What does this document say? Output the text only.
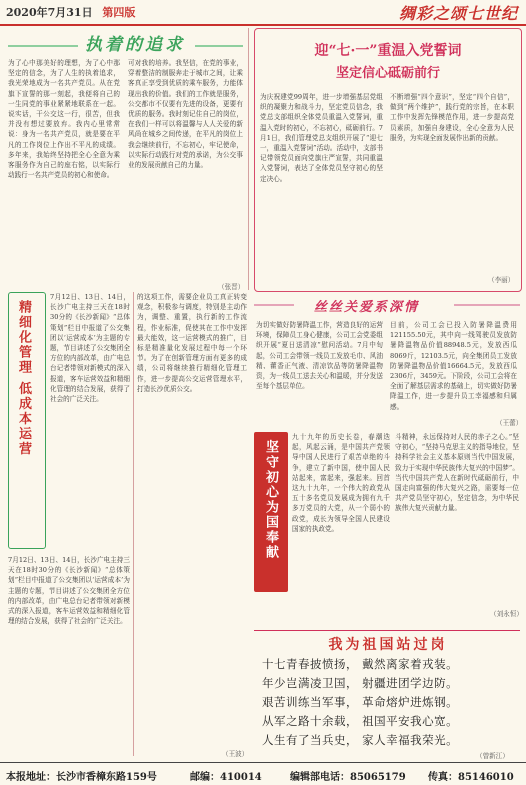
2020年7月31日 第四版	绸彩之颂七世纪
执着的追求
为了心中那美好的理想，为了心中那坚定的信念，为了人生的执着追求，我光荣地成为一名共产党员。从在党旗下宣誓的那一刻起，我便将自己的一生同党的事业紧紧地联系在一起。说实话，干公交这一行，很苦，但我并没有想过要放弃。我内心里常常说：身为一名共产党员，就是要在平凡的工作岗位上作出不平凡的成绩。多年来，我始终坚持把全心全意为乘客服务作为自己的座右铭，以实际行动践行一名共产党员的初心和使命。
可对我的培养。我坚信，在党的事业，穿着整洁的制服奔走于城市之间，让乘客真正享受到优质的乘车服务，力能体现出我的价值。我们的工作就是服务，公交都市不仅要有先进的设备，更要有优质的服务。我时刻记住自己的岗位，在我们一样可以将温馨与人人关爱的新风尚在城乡之间传递，在平凡的岗位上我会继续前行，不忘初心，牢记使命，以实际行动践行对党的承诺，为公交事业的发展贡献自己的力量。
（张晋）
迎“七·一”重温入党誓词
坚定信心砥砺前行
为庆祝建党99周年，进一步增强基层党组织的凝聚力和战斗力，坚定党员信念，我党总支部组织全体党员重温入党誓词，重温入党时的初心，不忘初心，砥砺前行。7月1日，我们管理党总支组织开展了“迎七一，重温入党誓词”活动。活动中，支部书记带领党员面向党旗庄严宣誓，共同重温入党誓词，表达了全体党员坚守初心的坚定决心。
不断增强“四个意识”，坚定“四个自信”，做到“两个维护”，践行党的宗旨，在本职工作中发挥先锋模范作用，进一步提高党员素质，加强自身建设，全心全意为人民服务，为实现全面发展作出新的贡献。
（李丽）
精细化管理 低成本运营
7月12日、13日、14日，长沙广电主持三天在18时30分的《长沙新闻》“总体策划”栏目中报道了公交集团以‘运营成本’为主题的专题，节目讲述了公交集团全方位的内部改革，由广电总台记者带领对新模式的深入报道，客车运营效益和精细化管理的结合发展，获得了社会的广泛关注。
7月12日、13日、14日，长沙广电主持三天在18时30分的《长沙新闻》“总体策划”栏目中报道了公交集团以‘运营成本’为主题的专题，节目讲述了公交集团全方位的内部改革，由广电总台记者带领对新模式的深入报道，客车运营效益和精细化管理的结合发展，获得了社会的广泛关注。
的这项工作，需要企业员工真正转变观念，积极参与调度，特别是主动作为，调整、重置，执行新的工作流程，作业标准，促使其在工作中发挥最大能效，这一运营模式的推广，目标是精准量化发展过程中每一个环节。为了在创新管理方面有更多的成绩，公司将继续推行精细化管理工作，进一步提高公交运营管理水平，打造长沙优质公交。
（王波）
丝丝关爱系深情
为切实做好防暑降温工作，营造良好的运营环境，保障员工身心健康，公司工会党委组织开展“夏日送清凉”慰问活动。7月中旬起，公司工会带领一线员工发放毛巾、风油精、藿香正气液、清凉饮品等防暑降温物资，为一线员工送去关心和温暖，并分发送至每个基层单位。
目前，公司工会已投入防暑降温费用121155.50元，其中向一线驾驶员发放防暑降温物品价值88948.5元，发放西瓜8069斤，12103.5元，向全集团员工发放防暑降温物品价值16664.5元，发放西瓜2306斤，3459元。下阶段，公司工会将在全面了解基层需求的基础上，切实做好防暑降温工作，进一步提升员工幸福感和归属感。
（王蕾）
坚守初心为国奉献
九十九年的历史长卷，春潮迭起，风起云涌，是中国共产党领导中国人民进行了艰苦卓绝的斗争，建立了新中国，使中国人民站起来，富起来，强起来。回首这九十九年，一个伟大的政党从五十多名党员发展成为拥有九千多万党员的大党，从一个弱小的政党，成长为领导全国人民建设国家的执政党。
斗精神，永远保持对人民的赤子之心。”坚守初心，“坚持马克思主义的指导地位，坚持科学社会主义基本原则当代中国发展，致力于实现中华民族伟大复兴的中国梦”。当代中国共产党人在新时代砥砺前行，中国走向富强的伟大复兴之路，需要每一位共产党员坚守初心，坚定信念，为中华民族伟大复兴贡献力量。
（刘永恒）
我为祖国站过岗
十七青春披愤扬， 戴然离家着戎装。
年少岂满凌卫国， 射疆进团学边防。
艰苦训练当军事， 革命熔炉进炼钢。
从军之路十余载， 祖国平安我心宽。
人生有了当兵史， 家人幸福我荣光。
（曾新江）
本报地址：长沙市香樟东路159号	邮编：410014	编辑部电话：85065179 传真：85146010
